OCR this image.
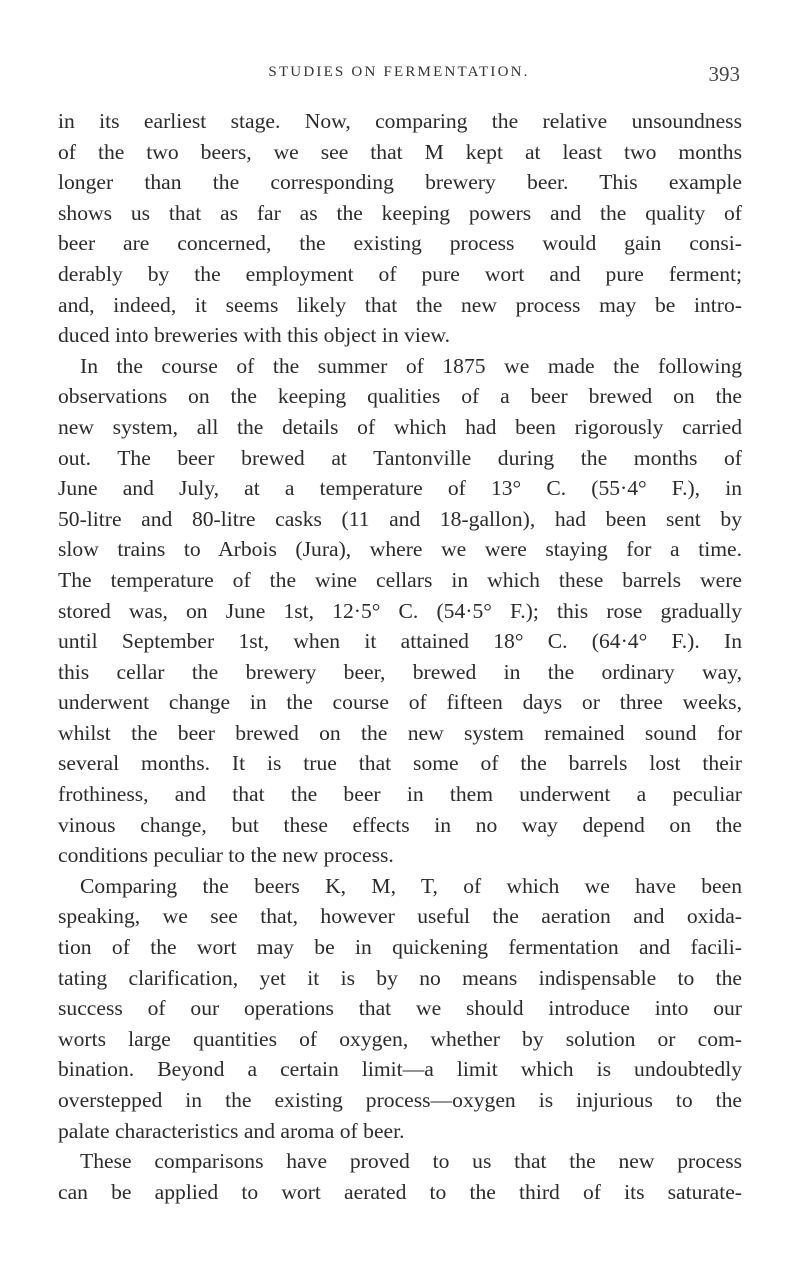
STUDIES ON FERMENTATION.	393
in its earliest stage. Now, comparing the relative unsoundness
of the two beers, we see that M kept at least two months
longer than the corresponding brewery beer. This example
shows us that as far as the keeping powers and the quality of
beer are concerned, the existing process would gain consi-
derably by the employment of pure wort and pure ferment;
and, indeed, it seems likely that the new process may be intro-
duced into breweries with this object in view.
In the course of the summer of 1875 we made the following
observations on the keeping qualities of a beer brewed on the
new system, all the details of which had been rigorously carried
out. The beer brewed at Tantonville during the months of
June and July, at a temperature of 13° C. (55·4° F.), in
50-litre and 80-litre casks (11 and 18-gallon), had been sent by
slow trains to Arbois (Jura), where we were staying for a time.
The temperature of the wine cellars in which these barrels were
stored was, on June 1st, 12·5° C. (54·5° F.); this rose gradually
until September 1st, when it attained 18° C. (64·4° F.). In
this cellar the brewery beer, brewed in the ordinary way,
underwent change in the course of fifteen days or three weeks,
whilst the beer brewed on the new system remained sound for
several months. It is true that some of the barrels lost their
frothiness, and that the beer in them underwent a peculiar
vinous change, but these effects in no way depend on the
conditions peculiar to the new process.
Comparing the beers K, M, T, of which we have been
speaking, we see that, however useful the aeration and oxida-
tion of the wort may be in quickening fermentation and facili-
tating clarification, yet it is by no means indispensable to the
success of our operations that we should introduce into our
worts large quantities of oxygen, whether by solution or com-
bination. Beyond a certain limit—a limit which is undoubtedly
overstepped in the existing process—oxygen is injurious to the
palate characteristics and aroma of beer.
These comparisons have proved to us that the new process
can be applied to wort aerated to the third of its saturate-
